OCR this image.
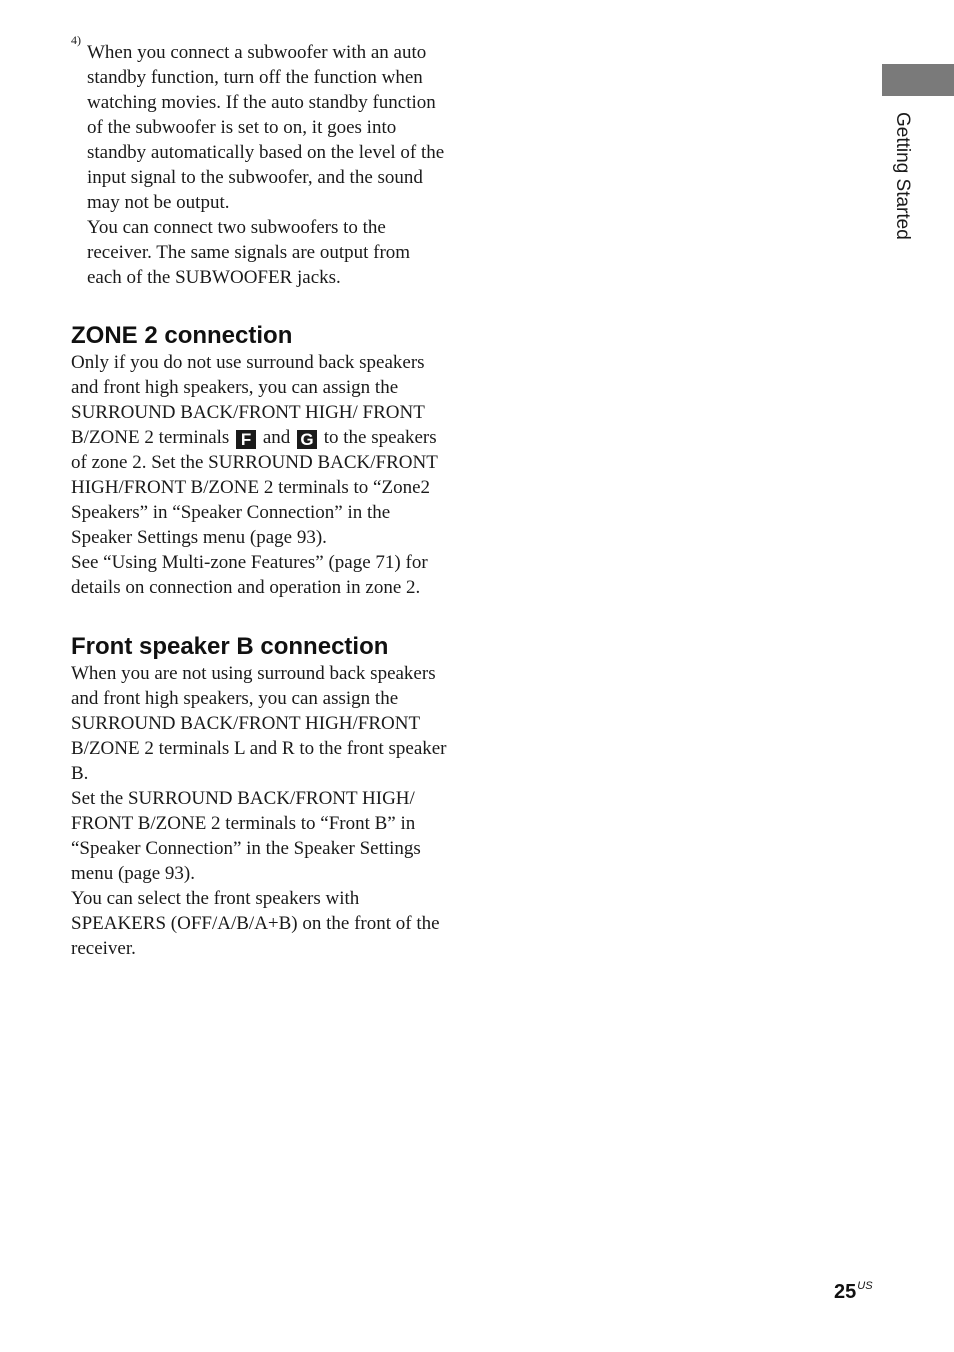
4)

When you connect a subwoofer with an auto standby function, turn off the function when watching movies. If the auto standby function of the subwoofer is set to on, it goes into standby automatically based on the level of the input signal to the subwoofer, and the sound may not be output.

You can connect two subwoofers to the receiver. The same signals are output from each of the SUBWOOFER jacks.

ZONE 2 connection

Only if you do not use surround back speakers and front high speakers, you can assign the SURROUND BACK/FRONT HIGH/ FRONT B/ZONE 2 terminals F and G to the speakers of zone 2. Set the SURROUND BACK/FRONT HIGH/FRONT B/ZONE 2 terminals to “Zone2 Speakers” in “Speaker Connection” in the Speaker Settings menu (page 93).

See “Using Multi-zone Features” (page 71) for details on connection and operation in zone 2.

Front speaker B connection

When you are not using surround back speakers and front high speakers, you can assign the SURROUND BACK/FRONT HIGH/FRONT B/ZONE 2 terminals L and R to the front speaker B.

Set the SURROUND BACK/FRONT HIGH/ FRONT B/ZONE 2 terminals to “Front B” in “Speaker Connection” in the Speaker Settings menu (page 93).

You can select the front speakers with SPEAKERS (OFF/A/B/A+B) on the front of the receiver.

Getting Started
$25^{US}$
